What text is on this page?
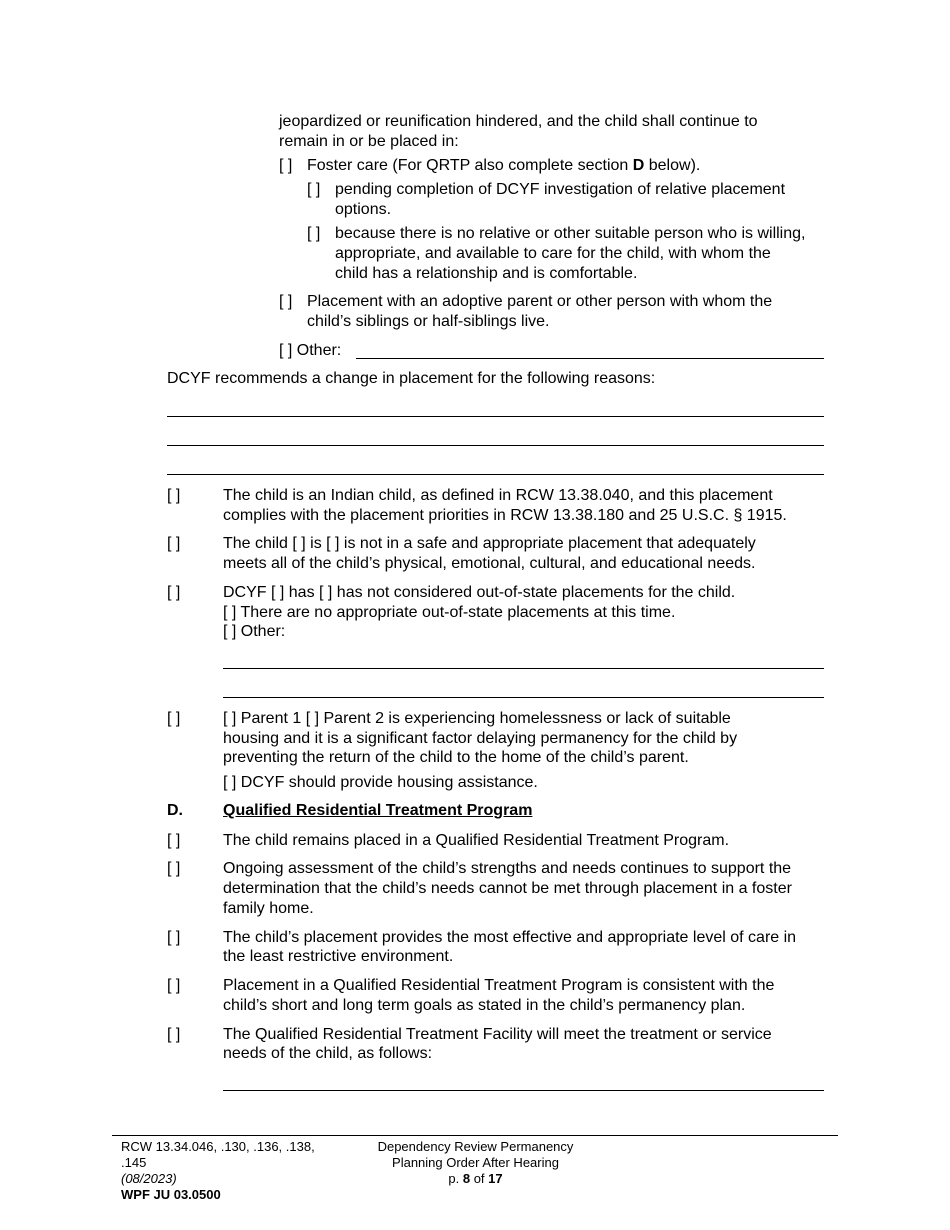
jeopardized or reunification hindered, and the child shall continue to
remain in or be placed in:
[ ] Foster care (For QRTP also complete section D below).
[ ] pending completion of DCYF investigation of relative placement
options.
[ ] because there is no relative or other suitable person who is willing,
appropriate, and available to care for the child, with whom the
child has a relationship and is comfortable.
[ ] Placement with an adoptive parent or other person with whom the
child’s siblings or half-siblings live.
[ ] Other:
DCYF recommends a change in placement for the following reasons:
[ ]	The child is an Indian child, as defined in RCW 13.38.040, and this placement
complies with the placement priorities in RCW 13.38.180 and 25 U.S.C. § 1915.
[ ]	The child [ ] is [ ] is not in a safe and appropriate placement that adequately
meets all of the child’s physical, emotional, cultural, and educational needs.
[ ]	DCYF [ ] has [ ] has not considered out-of-state placements for the child.
[ ] There are no appropriate out-of-state placements at this time.
[ ] Other:
[ ]	[ ] Parent 1 [ ] Parent 2 is experiencing homelessness or lack of suitable
housing and it is a significant factor delaying permanency for the child by
preventing the return of the child to the home of the child’s parent.
[ ] DCYF should provide housing assistance.
D.	Qualified Residential Treatment Program
[ ]	The child remains placed in a Qualified Residential Treatment Program.
[ ]	Ongoing assessment of the child’s strengths and needs continues to support the
determination that the child’s needs cannot be met through placement in a foster
family home.
[ ]	The child’s placement provides the most effective and appropriate level of care in
the least restrictive environment.
[ ]	Placement in a Qualified Residential Treatment Program is consistent with the
child’s short and long term goals as stated in the child’s permanency plan.
[ ]	The Qualified Residential Treatment Facility will meet the treatment or service
needs of the child, as follows:
RCW 13.34.046, .130, .136, .138,
.145
(08/2023)
WPF JU 03.0500
Dependency Review Permanency
Planning Order After Hearing
p. 8 of 17
